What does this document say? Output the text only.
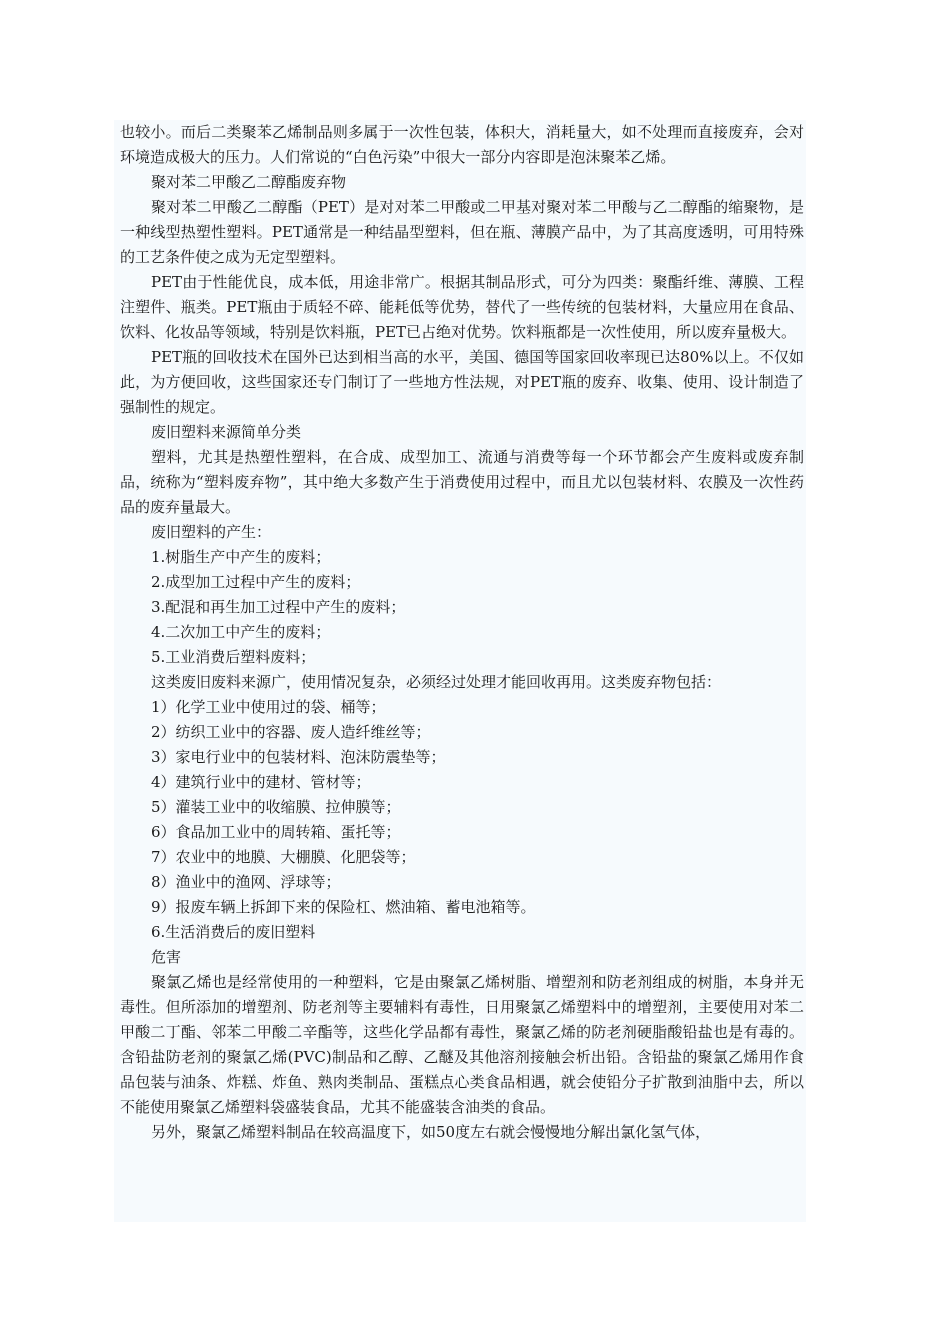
也较小。而后二类聚苯乙烯制品则多属于一次性包装，体积大，消耗量大，如不处理而直接废弃，会对环境造成极大的压力。人们常说的“白色污染”中很大一部分内容即是泡沫聚苯乙烯。

聚对苯二甲酸乙二醇酯废弃物

聚对苯二甲酸乙二醇酯（PET）是对对苯二甲酸或二甲基对聚对苯二甲酸与乙二醇酯的缩聚物，是一种线型热塑性塑料。PET通常是一种结晶型塑料，但在瓶、薄膜产品中，为了其高度透明，可用特殊的工艺条件使之成为无定型塑料。

PET由于性能优良，成本低，用途非常广。根据其制品形式，可分为四类：聚酯纤维、薄膜、工程注塑件、瓶类。PET瓶由于质轻不碎、能耗低等优势，替代了一些传统的包装材料，大量应用在食品、饮料、化妆品等领域，特别是饮料瓶，PET已占绝对优势。饮料瓶都是一次性使用，所以废弃量极大。

PET瓶的回收技术在国外已达到相当高的水平，美国、德国等国家回收率现已达80%以上。不仅如此，为方便回收，这些国家还专门制订了一些地方性法规，对PET瓶的废弃、收集、使用、设计制造了强制性的规定。

废旧塑料来源简单分类

塑料，尤其是热塑性塑料，在合成、成型加工、流通与消费等每一个环节都会产生废料或废弃制品，统称为“塑料废弃物”，其中绝大多数产生于消费使用过程中，而且尤以包装材料、农膜及一次性药品的废弃量最大。

废旧塑料的产生：

1.树脂生产中产生的废料；

2.成型加工过程中产生的废料；

3.配混和再生加工过程中产生的废料；

4.二次加工中产生的废料；

5.工业消费后塑料废料；

这类废旧废料来源广，使用情况复杂，必须经过处理才能回收再用。这类废弃物包括：

1）化学工业中使用过的袋、桶等；

2）纺织工业中的容器、废人造纤维丝等；

3）家电行业中的包装材料、泡沫防震垫等；

4）建筑行业中的建材、管材等；

5）灌装工业中的收缩膜、拉伸膜等；

6）食品加工业中的周转箱、蛋托等；

7）农业中的地膜、大棚膜、化肥袋等；

8）渔业中的渔网、浮球等；

9）报废车辆上拆卸下来的保险杠、燃油箱、蓄电池箱等。

6.生活消费后的废旧塑料

危害

聚氯乙烯也是经常使用的一种塑料，它是由聚氯乙烯树脂、增塑剂和防老剂组成的树脂，本身并无毒性。但所添加的增塑剂、防老剂等主要辅料有毒性，日用聚氯乙烯塑料中的增塑剂，主要使用对苯二甲酸二丁酯、邻苯二甲酸二辛酯等，这些化学品都有毒性，聚氯乙烯的防老剂硬脂酸铅盐也是有毒的。含铅盐防老剂的聚氯乙烯(PVC)制品和乙醇、乙醚及其他溶剂接触会析出铅。含铅盐的聚氯乙烯用作食品包装与油条、炸糕、炸鱼、熟肉类制品、蛋糕点心类食品相遇，就会使铅分子扩散到油脂中去，所以不能使用聚氯乙烯塑料袋盛装食品，尤其不能盛装含油类的食品。

另外，聚氯乙烯塑料制品在较高温度下，如50度左右就会慢慢地分解出氯化氢气体，
